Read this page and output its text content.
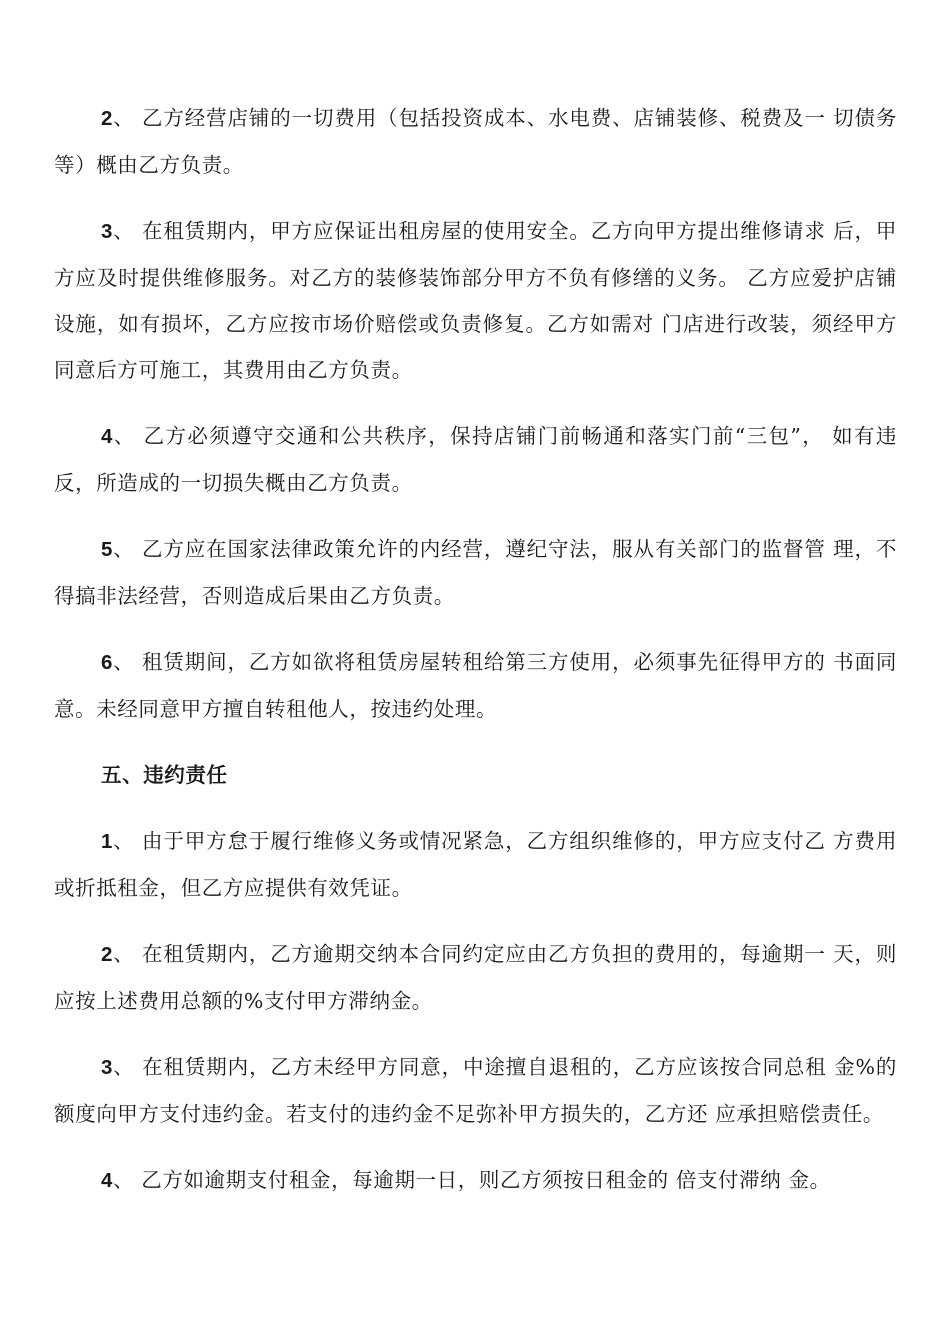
2、 乙方经营店铺的一切费用（包括投资成本、水电费、店铺装修、税费及一 切债务等）概由乙方负责。

3、 在租赁期内，甲方应保证出租房屋的使用安全。乙方向甲方提出维修请求 后，甲方应及时提供维修服务。对乙方的装修装饰部分甲方不负有修缮的义务。 乙方应爱护店铺设施，如有损坏，乙方应按市场价赔偿或负责修复。乙方如需对 门店进行改装，须经甲方同意后方可施工，其费用由乙方负责。

4、 乙方必须遵守交通和公共秩序，保持店铺门前畅通和落实门前“三包”， 如有违反，所造成的一切损失概由乙方负责。

5、 乙方应在国家法律政策允许的内经营，遵纪守法，服从有关部门的监督管 理，不得搞非法经营，否则造成后果由乙方负责。

6、 租赁期间，乙方如欲将租赁房屋转租给第三方使用，必须事先征得甲方的 书面同意。未经同意甲方擅自转租他人，按违约处理。

五、违约责任

1、 由于甲方怠于履行维修义务或情况紧急，乙方组织维修的，甲方应支付乙 方费用或折抵租金，但乙方应提供有效凭证。

2、 在租赁期内，乙方逾期交纳本合同约定应由乙方负担的费用的，每逾期一 天，则应按上述费用总额的%支付甲方滞纳金。

3、 在租赁期内，乙方未经甲方同意，中途擅自退租的，乙方应该按合同总租 金%的额度向甲方支付违约金。若支付的违约金不足弥补甲方损失的，乙方还 应承担赔偿责任。

4、 乙方如逾期支付租金，每逾期一日，则乙方须按日租金的 倍支付滞纳 金。
